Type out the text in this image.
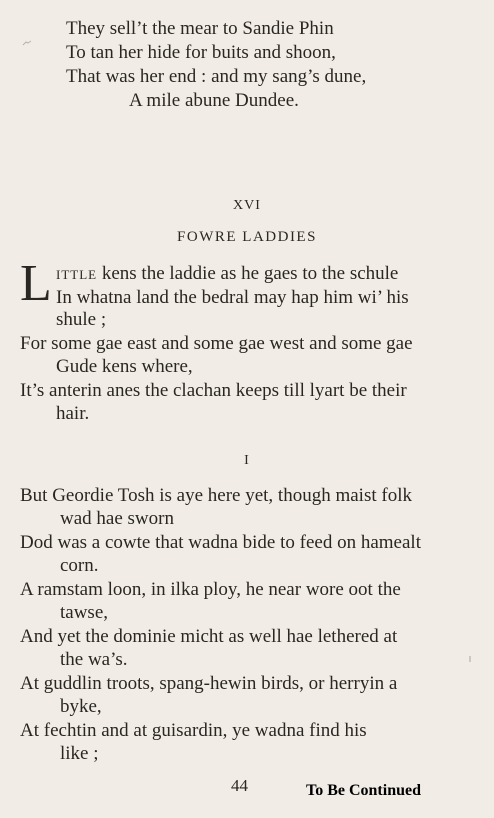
They sell’t the mear to Sandie Phin
To tan her hide for buits and shoon,
That was her end : and my sang’s dune,
A mile abune Dundee.
XVI
FOWRE LADDIES
L ittle kens the laddie as he gaes to the schule
In whatna land the bedral may hap him wi’ his
shule ;
For some gae east and some gae west and some gae
Gude kens where,
It’s anterin anes the clachan keeps till lyart be their
hair.
I
But Geordie Tosh is aye here yet, though maist folk
wad hae sworn
Dod was a cowte that wadna bide to feed on hamealt
corn.
A ramstam loon, in ilka ploy, he near wore oot the
tawse,
And yet the dominie micht as well hae lethered at
the wa’s.
At guddlin troots, spang-hewin birds, or herryin a
byke,
At fechtin and at guisardin, ye wadna find his
like ;
44	To Be Continued
